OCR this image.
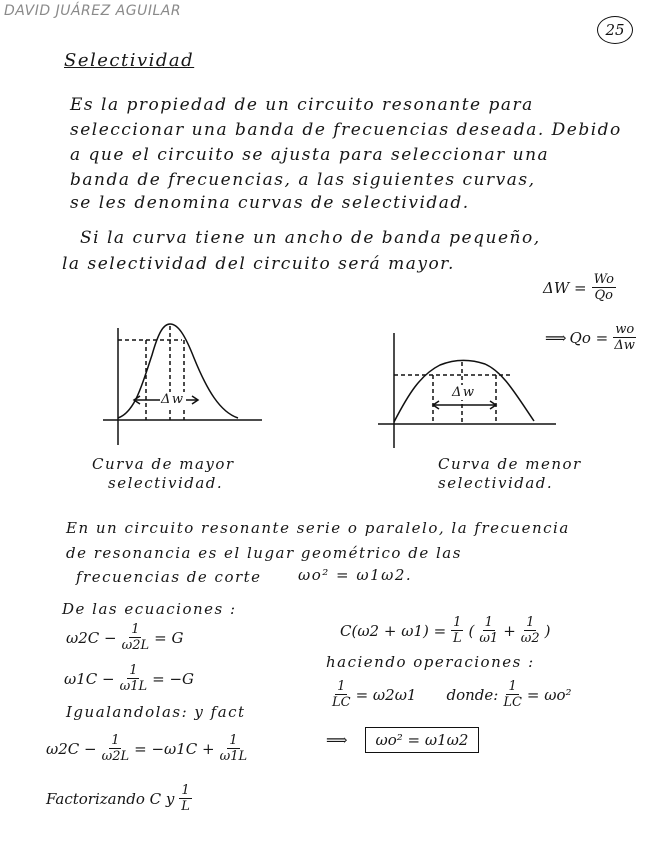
DAVID JUÁREZ AGUILAR
25
Selectividad
Es la propiedad de un circuito resonante para
seleccionar una banda de frecuencias deseada. Debido
a que el circuito se ajusta para seleccionar una
banda de frecuencias, a las siguientes curvas,
se les denomina curvas de selectividad.
Si la curva tiene un ancho de banda pequeño,
la selectividad del circuito será mayor.
$\Delta W = \frac{Wo}{Qo}$
⟹ $Qo = \frac{wo}{\Delta w}$
Δw	Δw
Curva de mayor
selectividad.
Curva de menor
selectividad.
En un circuito resonante serie o paralelo, la frecuencia
de resonancia es el lugar geométrico de las
frecuencias de corte ωo² = ω1ω2.
De las ecuaciones :
$\omega 2C - \frac{1}{\omega 2L} = G$
$\omega 1C - \frac{1}{\omega 1L} = -G$
Igualandolas: y fact
$\omega 2C - \frac{1}{\omega 2L} = -\omega 1C + \frac{1}{\omega 1L}$
Factorizando C y $\frac{1}{L}$
$C(\omega 2 + \omega 1) = \frac{1}{L}$ ( $\frac{1}{\omega 1} + \frac{1}{\omega 2}$ )
haciendo operaciones :
$\frac{1}{LC} = \omega 2\omega 1$ donde: $\frac{1}{LC} = \omega o^2$
⟹	ωo² = ω1ω2
